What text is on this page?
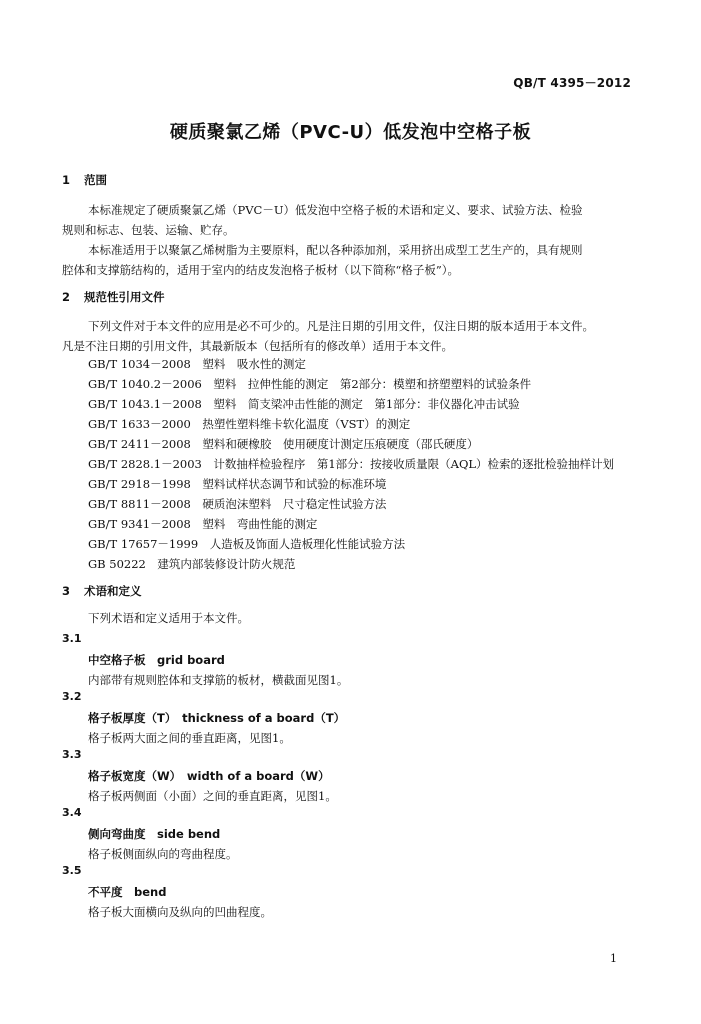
QB/T 4395－2012
硬质聚氯乙烯（PVC-U）低发泡中空格子板
1 范围
本标准规定了硬质聚氯乙烯（PVC－U）低发泡中空格子板的术语和定义、要求、试验方法、检验
规则和标志、包装、运输、贮存。
本标准适用于以聚氯乙烯树脂为主要原料，配以各种添加剂，采用挤出成型工艺生产的，具有规则
腔体和支撑筋结构的，适用于室内的结皮发泡格子板材（以下简称“格子板”）。
2 规范性引用文件
下列文件对于本文件的应用是必不可少的。凡是注日期的引用文件，仅注日期的版本适用于本文件。
凡是不注日期的引用文件，其最新版本（包括所有的修改单）适用于本文件。
GB/T 1034－2008　塑料　吸水性的测定
GB/T 1040.2－2006　塑料　拉伸性能的测定　第2部分：模塑和挤塑塑料的试验条件
GB/T 1043.1－2008　塑料　简支梁冲击性能的测定　第1部分：非仪器化冲击试验
GB/T 1633－2000　热塑性塑料维卡软化温度（VST）的测定
GB/T 2411－2008　塑料和硬橡胶　使用硬度计测定压痕硬度（邵氏硬度）
GB/T 2828.1－2003　计数抽样检验程序　第1部分：按接收质量限（AQL）检索的逐批检验抽样计划
GB/T 2918－1998　塑料试样状态调节和试验的标准环境
GB/T 8811－2008　硬质泡沫塑料　尺寸稳定性试验方法
GB/T 9341－2008　塑料　弯曲性能的测定
GB/T 17657－1999　人造板及饰面人造板理化性能试验方法
GB 50222　建筑内部装修设计防火规范
3 术语和定义
下列术语和定义适用于本文件。
3.1
中空格子板　grid board
内部带有规则腔体和支撑筋的板材，横截面见图1。
3.2
格子板厚度（T）　thickness of a board（T）
格子板两大面之间的垂直距离，见图1。
3.3
格子板宽度（W）　width of a board（W）
格子板两侧面（小面）之间的垂直距离，见图1。
3.4
侧向弯曲度　side bend
格子板侧面纵向的弯曲程度。
3.5
不平度　bend
格子板大面横向及纵向的凹曲程度。
1
